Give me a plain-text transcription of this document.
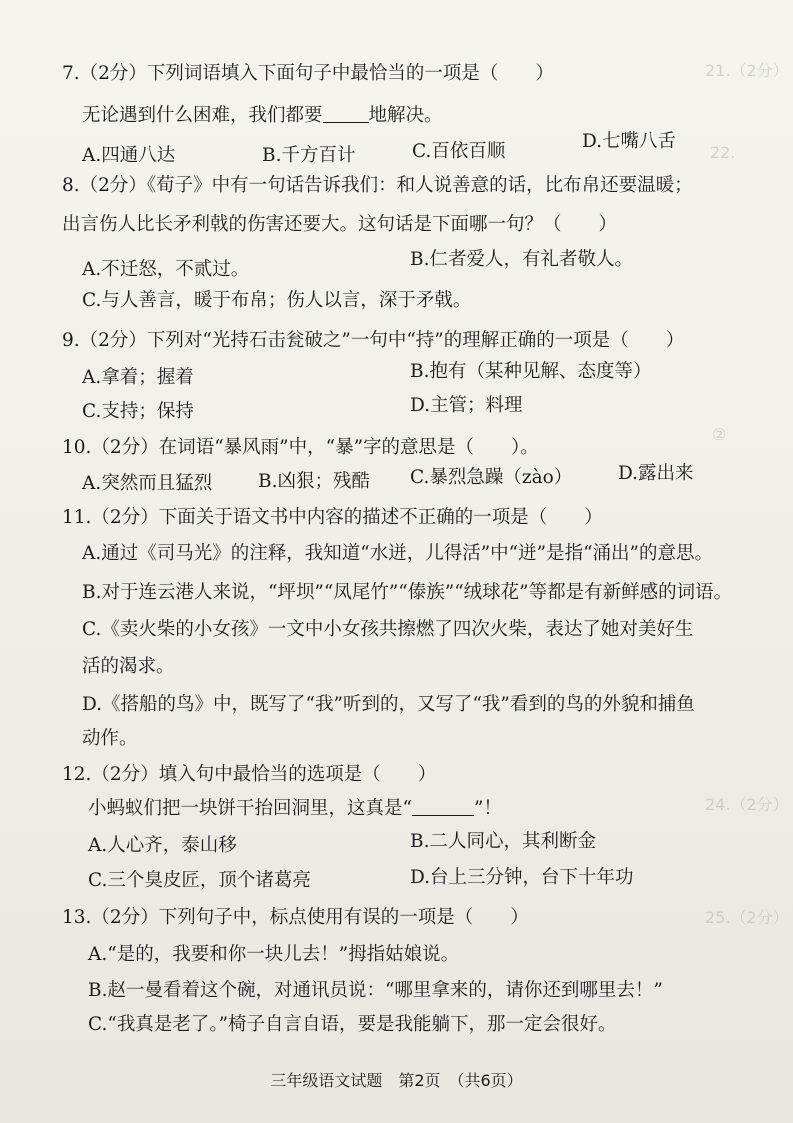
21.（2分）
22.
②
24.（2分）
25.（2分）
7.（2分）下列词语填入下面句子中最恰当的一项是（　　）
无论遇到什么困难，我们都要 地解决。
A.四通八达	B.千方百计	C.百依百顺	D.七嘴八舌
8.（2分）《荀子》中有一句话告诉我们：和人说善意的话，比布帛还要温暖；
出言伤人比长矛利戟的伤害还要大。这句话是下面哪一句？（　　）
A.不迁怒，不贰过。	B.仁者爱人，有礼者敬人。
C.与人善言，暖于布帛；伤人以言，深于矛戟。
9.（2分）下列对“光持石击瓮破之”一句中“持”的理解正确的一项是（　　）
A.拿着；握着	B.抱有（某种见解、态度等）
C.支持；保持	D.主管；料理
10.（2分）在词语“暴风雨”中，“暴”字的意思是（　　）。
A.突然而且猛烈 B.凶狠；残酷 C.暴烈急躁（zào） D.露出来
11.（2分）下面关于语文书中内容的描述不正确的一项是（　　）
A.通过《司马光》的注释，我知道“水迸，儿得活”中“迸”是指“涌出”的意思。
B.对于连云港人来说，“坪坝”“凤尾竹”“傣族”“绒球花”等都是有新鲜感的词语。
C.《卖火柴的小女孩》一文中小女孩共擦燃了四次火柴，表达了她对美好生
活的渴求。
D.《搭船的鸟》中，既写了“我”听到的，又写了“我”看到的鸟的外貌和捕鱼
动作。
12.（2分）填入句中最恰当的选项是（　　）
小蚂蚁们把一块饼干抬回洞里，这真是“	”！
A.人心齐，泰山移	B.二人同心，其利断金
C.三个臭皮匠，顶个诸葛亮	D.台上三分钟，台下十年功
13.（2分）下列句子中，标点使用有误的一项是（　　）
A.“是的，我要和你一块儿去！”拇指姑娘说。
B.赵一曼看着这个碗，对通讯员说：“哪里拿来的，请你还到哪里去！”
C.“我真是老了。”椅子自言自语，要是我能躺下，那一定会很好。
三年级语文试题　第2页　（共6页）
